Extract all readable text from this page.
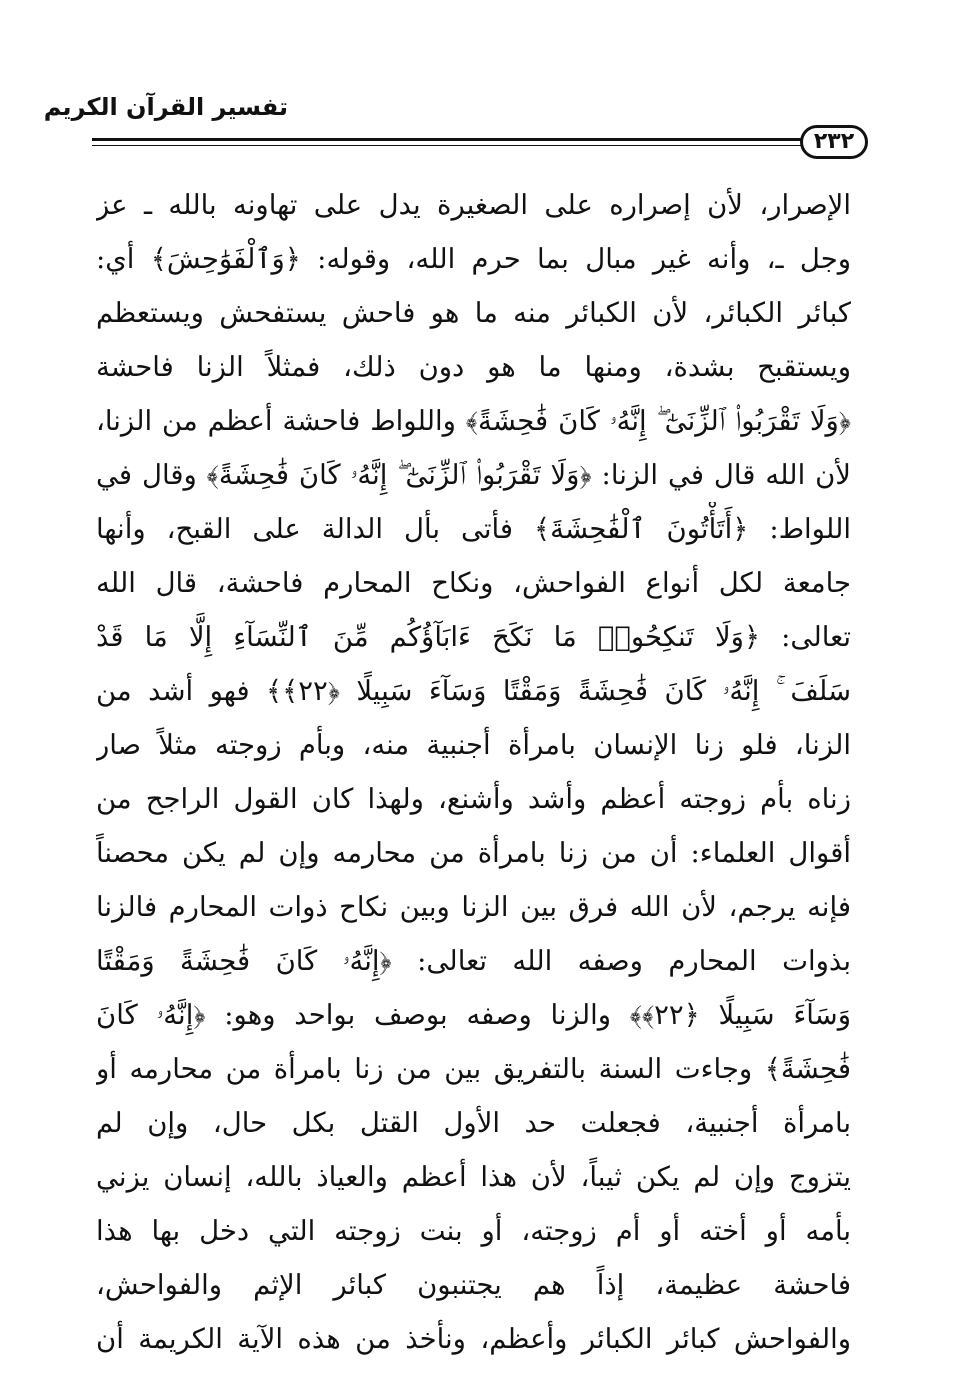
تفسير القرآن الكريم
٢٣٢
الإصرار، لأن إصراره على الصغيرة يدل على تهاونه بالله ـ عز
وجل ـ، وأنه غير مبال بما حرم الله، وقوله: ﴿وَٱلْفَوَٰحِشَ﴾ أي:
كبائر الكبائر، لأن الكبائر منه ما هو فاحش يستفحش ويستعظم
ويستقبح بشدة، ومنها ما هو دون ذلك، فمثلاً الزنا فاحشة
﴿وَلَا تَقْرَبُوا۟ ٱلزِّنَىٰٓ ۖ إِنَّهُۥ كَانَ فَٰحِشَةً﴾ واللواط فاحشة أعظم من الزنا،
لأن الله قال في الزنا: ﴿وَلَا تَقْرَبُوا۟ ٱلزِّنَىٰٓ ۖ إِنَّهُۥ كَانَ فَٰحِشَةً﴾ وقال في
اللواط: ﴿أَتَأْتُونَ ٱلْفَٰحِشَةَ﴾ فأتى بأل الدالة على القبح، وأنها
جامعة لكل أنواع الفواحش، ونكاح المحارم فاحشة، قال الله
تعالى: ﴿وَلَا تَنكِحُوا۟ مَا نَكَحَ ءَابَآؤُكُم مِّنَ ٱلنِّسَآءِ إِلَّا مَا قَدْ
سَلَفَ ۚ إِنَّهُۥ كَانَ فَٰحِشَةً وَمَقْتًا وَسَآءَ سَبِيلًا ﴿٢٢﴾﴾ فهو أشد من
الزنا، فلو زنا الإنسان بامرأة أجنبية منه، وبأم زوجته مثلاً صار
زناه بأم زوجته أعظم وأشد وأشنع، ولهذا كان القول الراجح من
أقوال العلماء: أن من زنا بامرأة من محارمه وإن لم يكن محصناً
فإنه يرجم، لأن الله فرق بين الزنا وبين نكاح ذوات المحارم فالزنا
بذوات المحارم وصفه الله تعالى: ﴿إِنَّهُۥ كَانَ فَٰحِشَةً وَمَقْتًا
وَسَآءَ سَبِيلًا ﴿٢٢﴾﴾ والزنا وصفه بوصف بواحد وهو: ﴿إِنَّهُۥ كَانَ
فَٰحِشَةً﴾ وجاءت السنة بالتفريق بين من زنا بامرأة من محارمه أو
بامرأة أجنبية، فجعلت حد الأول القتل بكل حال، وإن لم
يتزوج وإن لم يكن ثيباً، لأن هذا أعظم والعياذ بالله، إنسان يزني
بأمه أو أخته أو أم زوجته، أو بنت زوجته التي دخل بها هذا
فاحشة عظيمة، إذاً هم يجتنبون كبائر الإثم والفواحش،
والفواحش كبائر الكبائر وأعظم، ونأخذ من هذه الآية الكريمة أن
